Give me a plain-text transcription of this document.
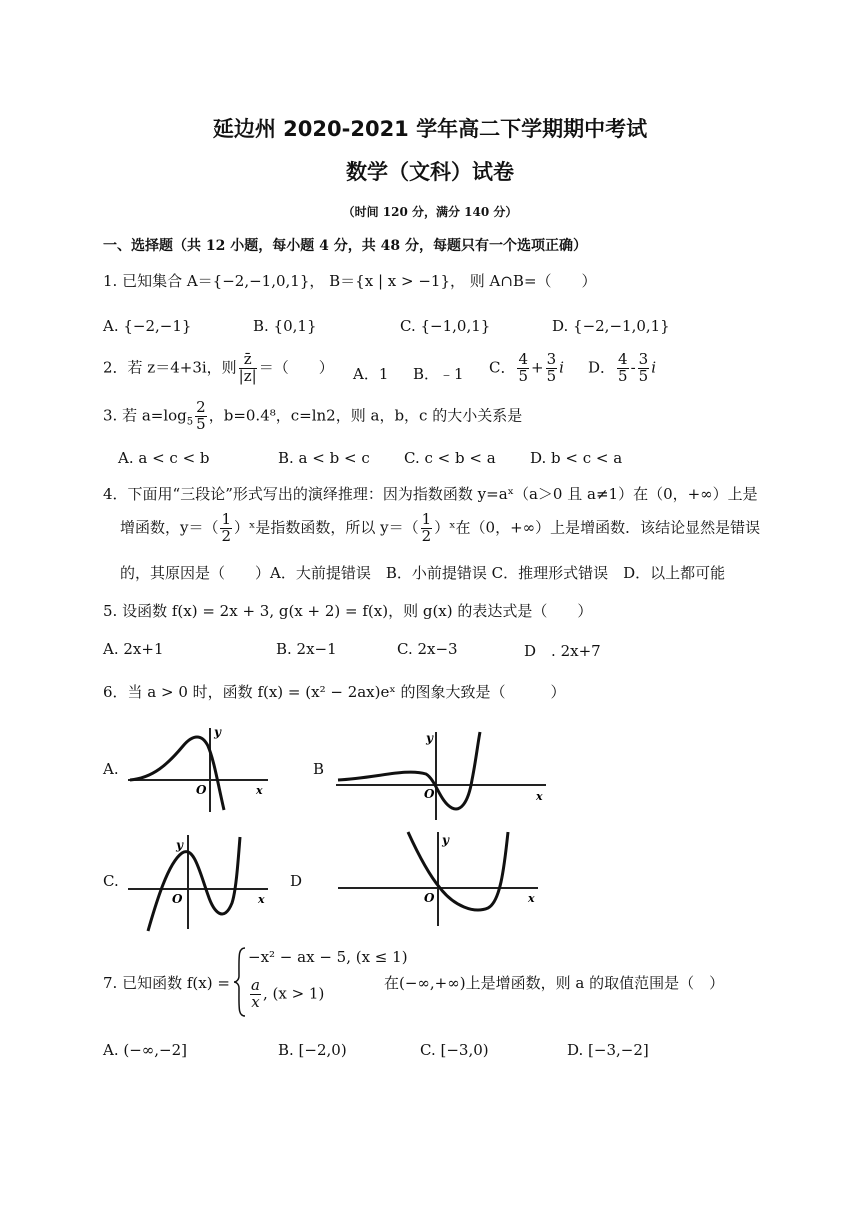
延边州 2020-2021 学年高二下学期期中考试
数学（文科）试卷
（时间 120 分，满分 140 分）
一、选择题（共 12 小题，每小题 4 分，共 48 分，每题只有一个选项正确）
1. 已知集合 A＝{−2,−1,0,1}， B＝{x | x > −1}， 则 A∩B=（　　）
A. {−2,−1}	B. {0,1}	C. {−1,0,1}	D. {−2,−1,0,1}
2．若 z＝4+3i，则 $\frac{z̄}{|z|}$ ＝（　　） A．1 B．﹣1 C． $\frac{4}{5} + \frac{3}{5}$ i D． $\frac{4}{5} - \frac{3}{5}$ i
3. 若 $a=\log_5 \frac{2}{5}$ ，b=0.4⁸，c=ln2，则 a，b，c 的大小关系是
A. a < c < b	B. a < b < c C. c < b < a D. b < c < a
4．下面用“三段论”形式写出的演绎推理：因为指数函数 y=aˣ（a＞0 且 a≠1）在（0，+∞）上是
增函数，$y=( \frac{1}{2}$ ）ˣ是指数函数，所以 $y=( \frac{1}{2}$ ）ˣ在（0，+∞）上是增函数．该结论显然是错误
的，其原因是（　　）A．大前提错误　B．小前提错误 C．推理形式错误　D．以上都可能
5. 设函数 f(x) = 2x + 3, g(x + 2) = f(x)，则 g(x) 的表达式是（　　）
A. 2x+1	B. 2x−1	C. 2x−3	D　. 2x+7
6．当 a > 0 时，函数 f(x) = (x² − 2ax)eˣ 的图象大致是（　　　）
A.	B
C.	D
O
y
x	O
y
x
O
y
x	O
y
x
7. 已知函数 f(x) =
−x² − ax − 5, (x ≤ 1)
$\frac{a}{x}$ , (x > 1)
在(−∞,+∞)上是增函数，则 a 的取值范围是（　）
A. (−∞,−2]	B. [−2,0)	C. [−3,0)	D. [−3,−2]
